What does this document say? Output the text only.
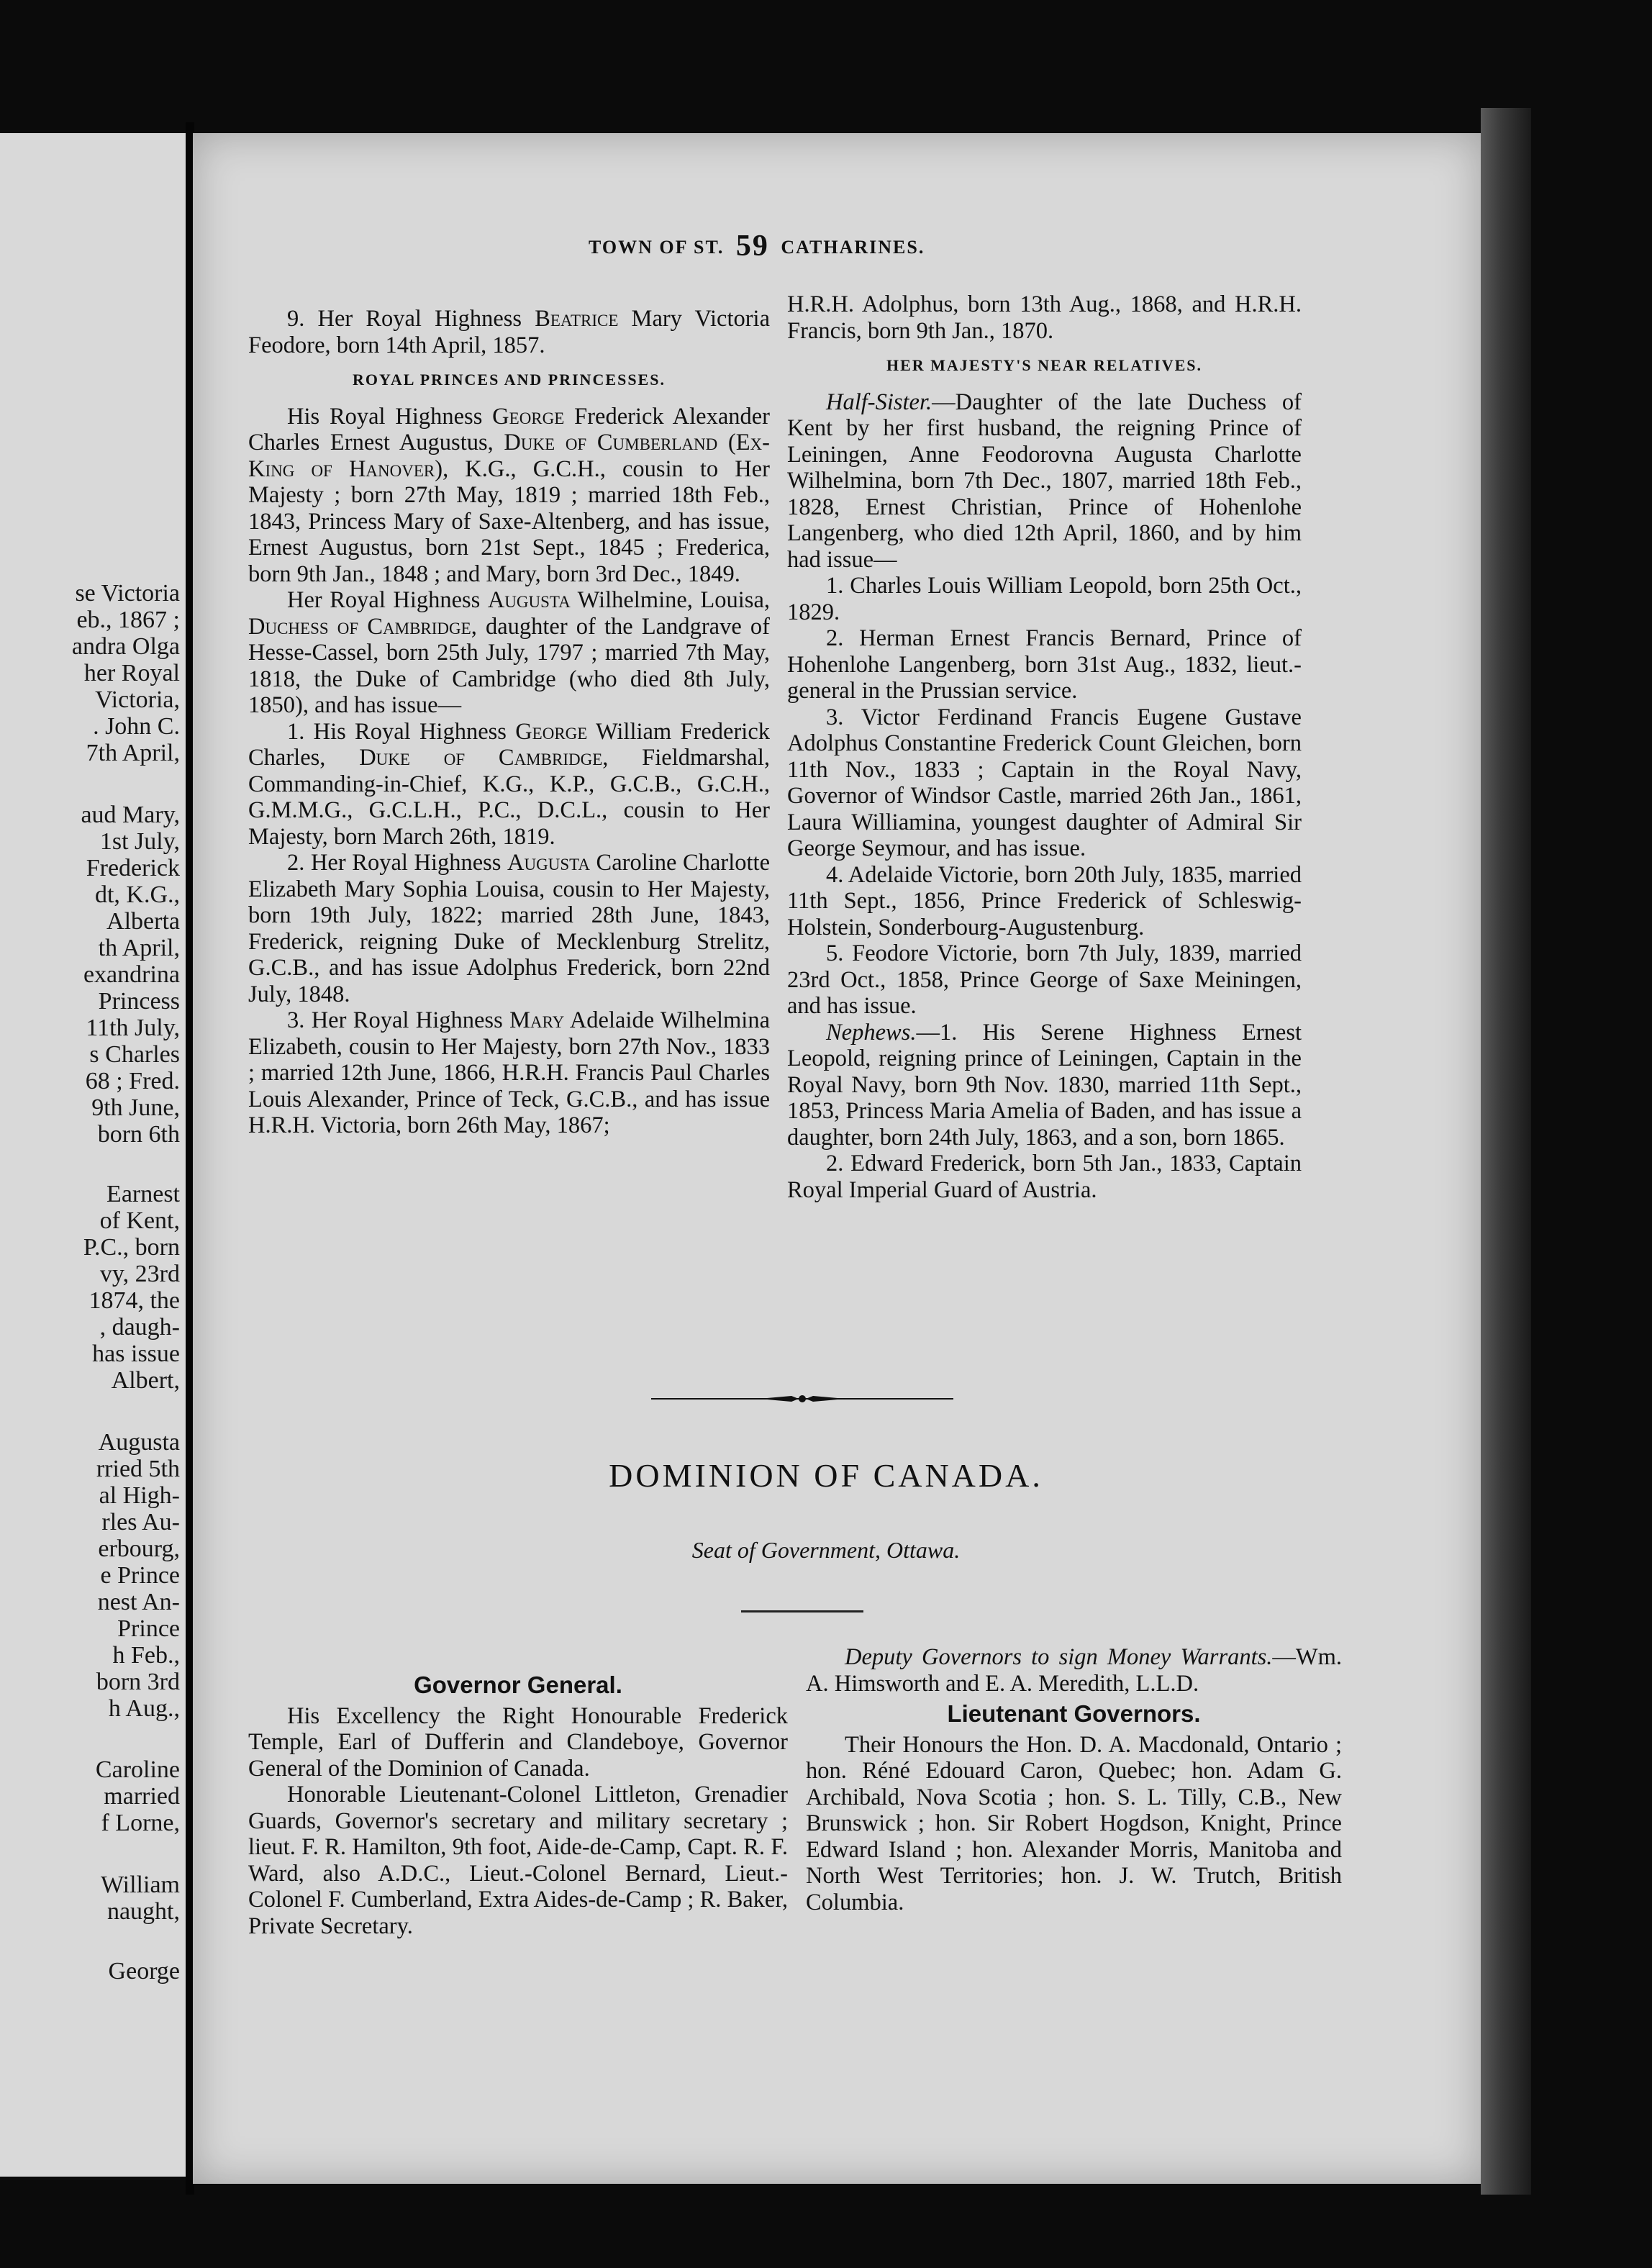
se Victoria
eb., 1867 ;
andra Olga
her Royal
Victoria,
. John C.
7th April,
aud Mary,
1st July,
Frederick
dt, K.G.,
Alberta
th April,
exandrina
Princess
11th July,
s Charles
68 ; Fred.
9th June,
born 6th
Earnest
of Kent,
P.C., born
vy, 23rd
1874, the
, daugh-
has issue
Albert,
Augusta
rried 5th
al High-
rles Au-
erbourg,
e Prince
nest An-
Prince
h Feb.,
born 3rd
h Aug.,
Caroline
married
f Lorne,
William
naught,
George
TOWN OF ST. 59 CATHARINES.

9. Her Royal Highness Beatrice Mary Victoria Feodore, born 14th April, 1857.

ROYAL PRINCES AND PRINCESSES.

His Royal Highness George Frederick Alexander Charles Ernest Augustus, Duke of Cumberland (Ex-King of Hanover), K.G., G.C.H., cousin to Her Majesty ; born 27th May, 1819 ; married 18th Feb., 1843, Princess Mary of Saxe-Altenberg, and has issue, Ernest Augustus, born 21st Sept., 1845 ; Frederica, born 9th Jan., 1848 ; and Mary, born 3rd Dec., 1849.

Her Royal Highness Augusta Wilhelmine, Louisa, Duchess of Cambridge, daughter of the Landgrave of Hesse-Cassel, born 25th July, 1797 ; married 7th May, 1818, the Duke of Cambridge (who died 8th July, 1850), and has issue—

1. His Royal Highness George William Frederick Charles, Duke of Cambridge, Fieldmarshal, Commanding-in-Chief, K.G., K.P., G.C.B., G.C.H., G.M.M.G., G.C.L.H., P.C., D.C.L., cousin to Her Majesty, born March 26th, 1819.

2. Her Royal Highness Augusta Caroline Charlotte Elizabeth Mary Sophia Louisa, cousin to Her Majesty, born 19th July, 1822; married 28th June, 1843, Frederick, reigning Duke of Mecklenburg Strelitz, G.C.B., and has issue Adolphus Frederick, born 22nd July, 1848.

3. Her Royal Highness Mary Adelaide Wilhelmina Elizabeth, cousin to Her Majesty, born 27th Nov., 1833 ; married 12th June, 1866, H.R.H. Francis Paul Charles Louis Alexander, Prince of Teck, G.C.B., and has issue H.R.H. Victoria, born 26th May, 1867;

H.R.H. Adolphus, born 13th Aug., 1868, and H.R.H. Francis, born 9th Jan., 1870.

HER MAJESTY'S NEAR RELATIVES.

Half-Sister.—Daughter of the late Duchess of Kent by her first husband, the reigning Prince of Leiningen, Anne Feodorovna Augusta Charlotte Wilhelmina, born 7th Dec., 1807, married 18th Feb., 1828, Ernest Christian, Prince of Hohenlohe Langenberg, who died 12th April, 1860, and by him had issue—

1. Charles Louis William Leopold, born 25th Oct., 1829.

2. Herman Ernest Francis Bernard, Prince of Hohenlohe Langenberg, born 31st Aug., 1832, lieut.-general in the Prussian service.

3. Victor Ferdinand Francis Eugene Gustave Adolphus Constantine Frederick Count Gleichen, born 11th Nov., 1833 ; Captain in the Royal Navy, Governor of Windsor Castle, married 26th Jan., 1861, Laura Williamina, youngest daughter of Admiral Sir George Seymour, and has issue.

4. Adelaide Victorie, born 20th July, 1835, married 11th Sept., 1856, Prince Frederick of Schleswig-Holstein, Sonderbourg-Augustenburg.

5. Feodore Victorie, born 7th July, 1839, married 23rd Oct., 1858, Prince George of Saxe Meiningen, and has issue.

Nephews.—1. His Serene Highness Ernest Leopold, reigning prince of Leiningen, Captain in the Royal Navy, born 9th Nov. 1830, married 11th Sept., 1853, Princess Maria Amelia of Baden, and has issue a daughter, born 24th July, 1863, and a son, born 1865.

2. Edward Frederick, born 5th Jan., 1833, Captain Royal Imperial Guard of Austria.

DOMINION OF CANADA.
Seat of Government, Ottawa.
Governor General.

His Excellency the Right Honourable Frederick Temple, Earl of Dufferin and Clandeboye, Governor General of the Dominion of Canada.

Honorable Lieutenant-Colonel Littleton, Grenadier Guards, Governor's secretary and military secretary ; lieut. F. R. Hamilton, 9th foot, Aide-de-Camp, Capt. R. F. Ward, also A.D.C., Lieut.-Colonel Bernard, Lieut.-Colonel F. Cumberland, Extra Aides-de-Camp ; R. Baker, Private Secretary.

Deputy Governors to sign Money Warrants.—Wm. A. Himsworth and E. A. Meredith, L.L.D.

Lieutenant Governors.

Their Honours the Hon. D. A. Macdonald, Ontario ; hon. Réné Edouard Caron, Quebec; hon. Adam G. Archibald, Nova Scotia ; hon. S. L. Tilly, C.B., New Brunswick ; hon. Sir Robert Hogdson, Knight, Prince Edward Island ; hon. Alexander Morris, Manitoba and North West Territories; hon. J. W. Trutch, British Columbia.
